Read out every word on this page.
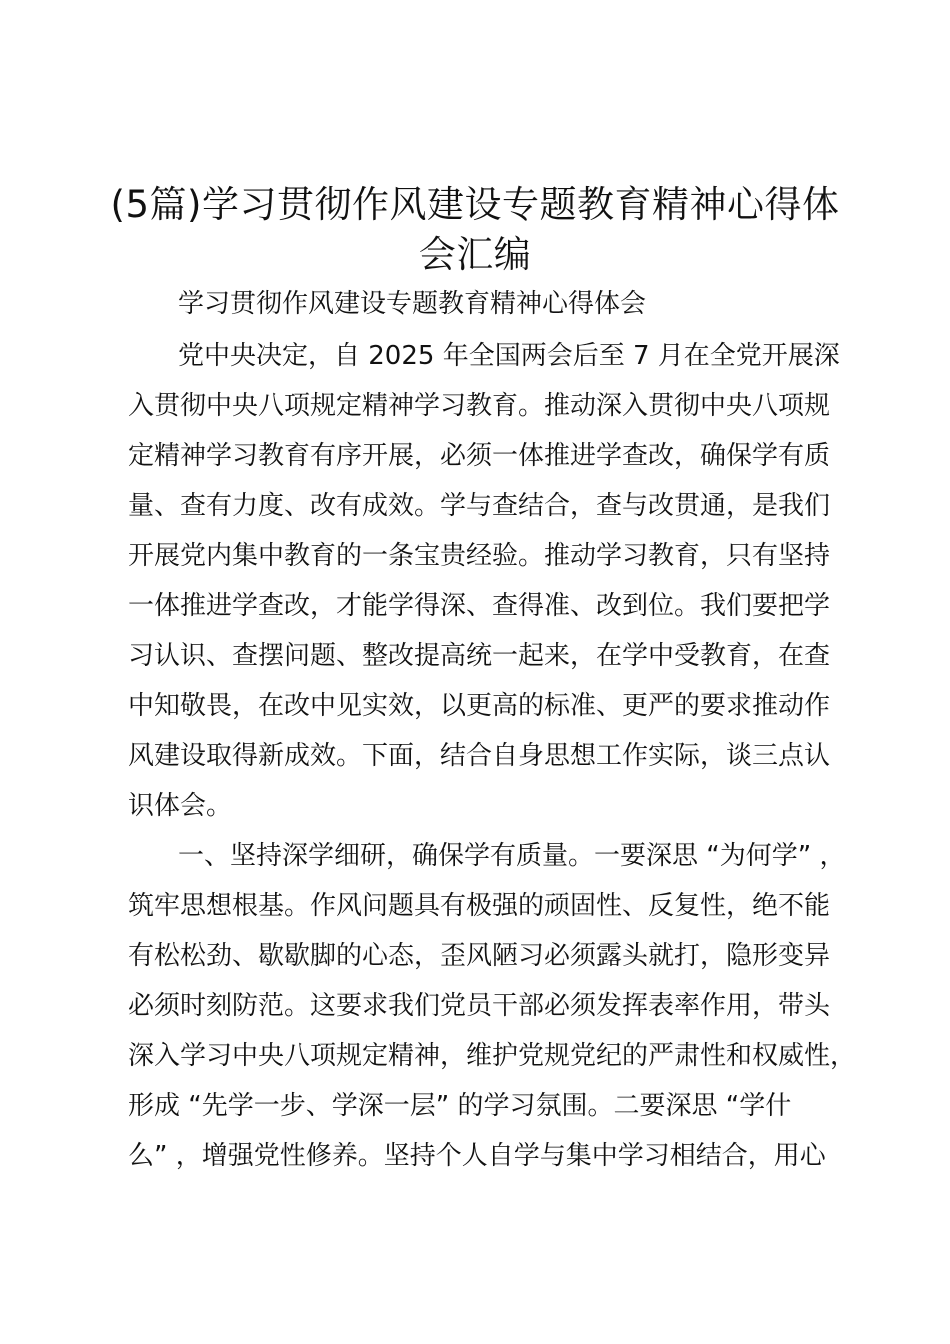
(5篇)学习贯彻作风建设专题教育精神心得体
会汇编

学习贯彻作风建设专题教育精神心得体会

党中央决定，自 2025 年全国两会后至 7 月在全党开展深

入贯彻中央八项规定精神学习教育。推动深入贯彻中央八项规

定精神学习教育有序开展，必须一体推进学查改，确保学有质

量、查有力度、改有成效。学与查结合，查与改贯通，是我们

开展党内集中教育的一条宝贵经验。推动学习教育，只有坚持

一体推进学查改，才能学得深、查得准、改到位。我们要把学

习认识、查摆问题、整改提高统一起来，在学中受教育，在查

中知敬畏，在改中见实效，以更高的标准、更严的要求推动作

风建设取得新成效。下面，结合自身思想工作实际，谈三点认

识体会。

一、坚持深学细研，确保学有质量。一要深思 “为何学” ，

筑牢思想根基。作风问题具有极强的顽固性、反复性，绝不能

有松松劲、歇歇脚的心态，歪风陋习必须露头就打，隐形变异

必须时刻防范。这要求我们党员干部必须发挥表率作用，带头

深入学习中央八项规定精神，维护党规党纪的严肃性和权威性，

形成 “先学一步、学深一层” 的学习氛围。二要深思 “学什

么” ，增强党性修养。坚持个人自学与集中学习相结合，用心
